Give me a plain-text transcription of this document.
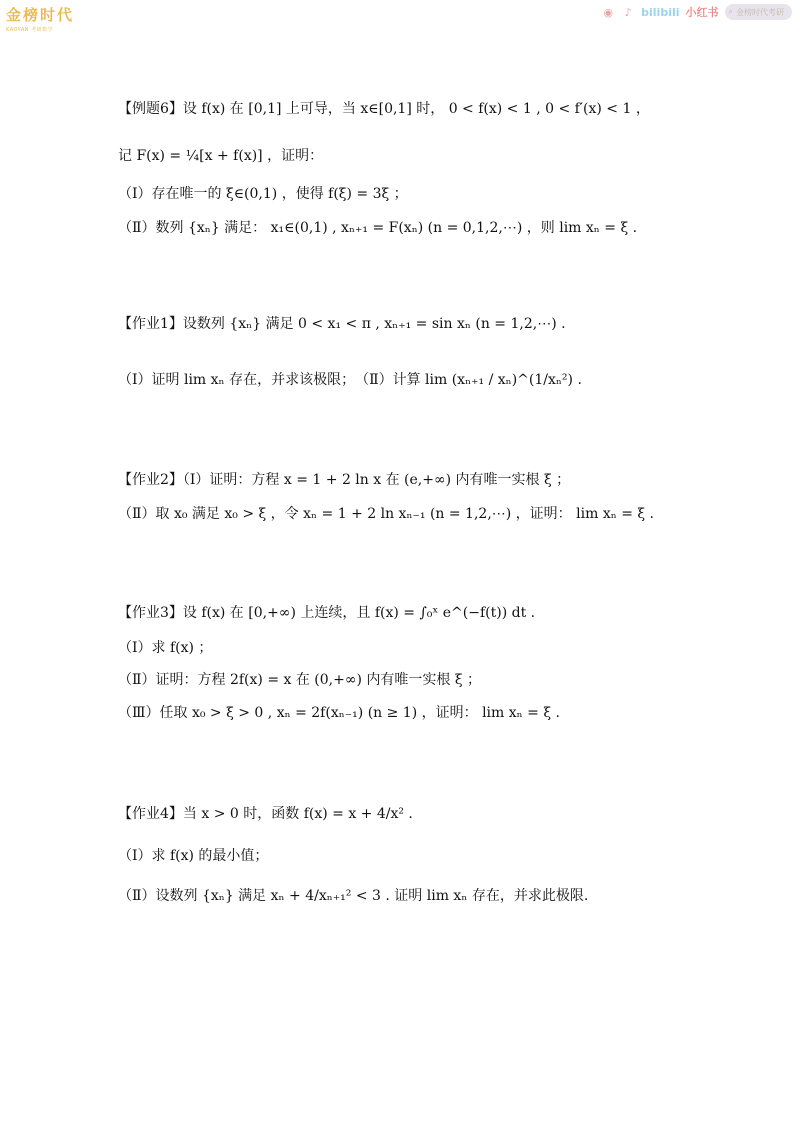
金榜时代
KAOYAN 考研数学
◉	♪ bilibili 小红书 ⌕ 金榜时代考研
【例题6】设 f(x) 在 [0,1] 上可导，当 x∈[0,1] 时， 0 < f(x) < 1 , 0 < f′(x) < 1 ，
记 F(x) = ¼[x + f(x)] ，证明：
（Ⅰ）存在唯一的 ξ∈(0,1) ，使得 f(ξ) = 3ξ ；
（Ⅱ）数列 {xₙ} 满足： x₁∈(0,1) , xₙ₊₁ = F(xₙ) (n = 0,1,2,⋯) ，则 lim xₙ = ξ .
【作业1】设数列 {xₙ} 满足 0 < x₁ < π , xₙ₊₁ = sin xₙ (n = 1,2,⋯) .
（Ⅰ）证明 lim xₙ 存在，并求该极限；　（Ⅱ）计算 lim (xₙ₊₁ / xₙ)^(1/xₙ²) .
【作业2】（Ⅰ）证明：方程 x = 1 + 2 ln x 在 (e,+∞) 内有唯一实根 ξ ；
（Ⅱ）取 x₀ 满足 x₀ > ξ ，令 xₙ = 1 + 2 ln xₙ₋₁ (n = 1,2,⋯) ，证明： lim xₙ = ξ .
【作业3】设 f(x) 在 [0,+∞) 上连续，且 f(x) = ∫₀ˣ e^(−f(t)) dt .
（Ⅰ）求 f(x) ；
（Ⅱ）证明：方程 2f(x) = x 在 (0,+∞) 内有唯一实根 ξ ；
（Ⅲ）任取 x₀ > ξ > 0 , xₙ = 2f(xₙ₋₁) (n ≥ 1) ，证明： lim xₙ = ξ .
【作业4】当 x > 0 时，函数 f(x) = x + 4/x² .
（Ⅰ）求 f(x) 的最小值；
（Ⅱ）设数列 {xₙ} 满足 xₙ + 4/xₙ₊₁² < 3 . 证明 lim xₙ 存在，并求此极限.
